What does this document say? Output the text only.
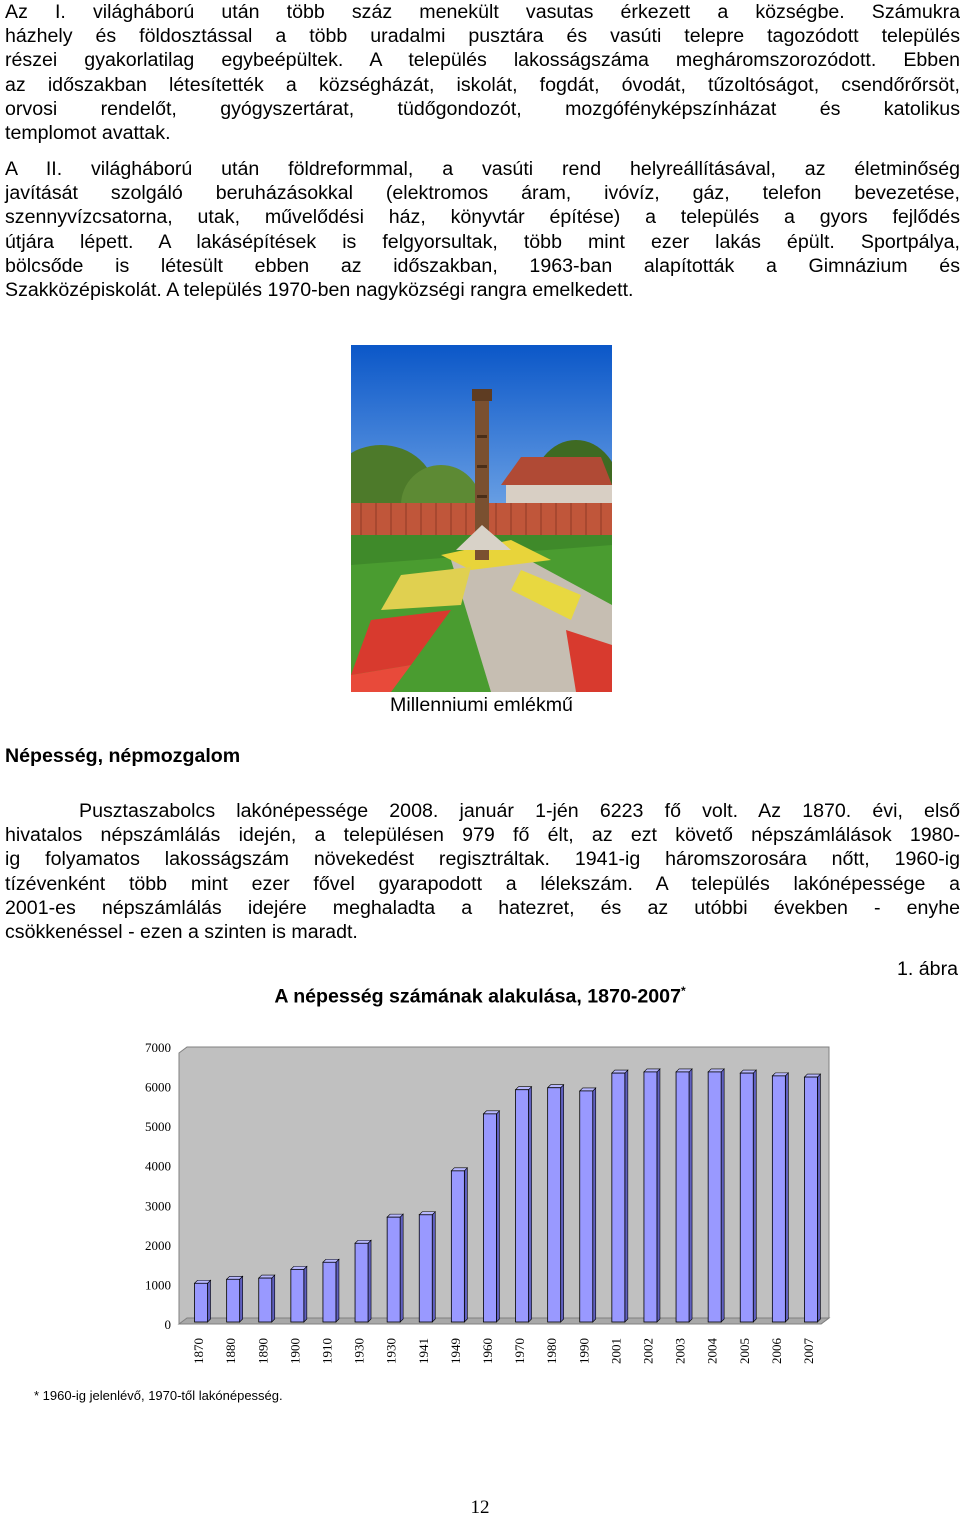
Az I. világháború után több száz menekült vasutas érkezett a községbe. Számukra
házhely és földosztással a több uradalmi pusztára és vasúti telepre tagozódott település
részei gyakorlatilag egybeépültek. A település lakosságszáma megháromszorozódott. Ebben
az időszakban létesítették a községházát, iskolát, fogdát, óvodát, tűzoltóságot, csendőrőrsöt,
orvosi rendelőt, gyógyszertárat, tüdőgondozót, mozgófényképszínházat és katolikus
templomot avattak.
A II. világháború után földreformmal, a vasúti rend helyreállításával, az életminőség
javítását szolgáló beruházásokkal (elektromos áram, ivóvíz, gáz, telefon bevezetése,
szennyvízcsatorna, utak, művelődési ház, könyvtár építése) a település a gyors fejlődés
útjára lépett. A lakásépítések is felgyorsultak, több mint ezer lakás épült. Sportpálya,
bölcsőde is létesült ebben az időszakban, 1963-ban alapították a Gimnázium és
Szakközépiskolát. A település 1970-ben nagyközségi rangra emelkedett.
Millenniumi emlékmű
Népesség, népmozgalom
Pusztaszabolcs lakónépessége 2008. január 1-jén 6223 fő volt. Az 1870. évi, első
hivatalos népszámlálás idején, a településen 979 fő élt, az ezt követő népszámlálások 1980-
ig folyamatos lakosságszám növekedést regisztráltak. 1941-ig háromszorosára nőtt, 1960-ig
tízévenként több mint ezer fővel gyarapodott a lélekszám. A település lakónépessége a
2001-es népszámlálás idejére meghaladta a hatezret, és az utóbbi években - enyhe
csökkenéssel - ezen a szinten is maradt.
1. ábra
A népesség számának alakulása, 1870-2007*
0
1000
2000
3000
4000
5000
6000
7000
1870 1880 1890 1900 1910 1930 1930 1941 1949 1960 1970 1980 1990 2001 2002 2003 2004 2005 2006 2007
* 1960-ig jelenlévő, 1970-től lakónépesség.
12
